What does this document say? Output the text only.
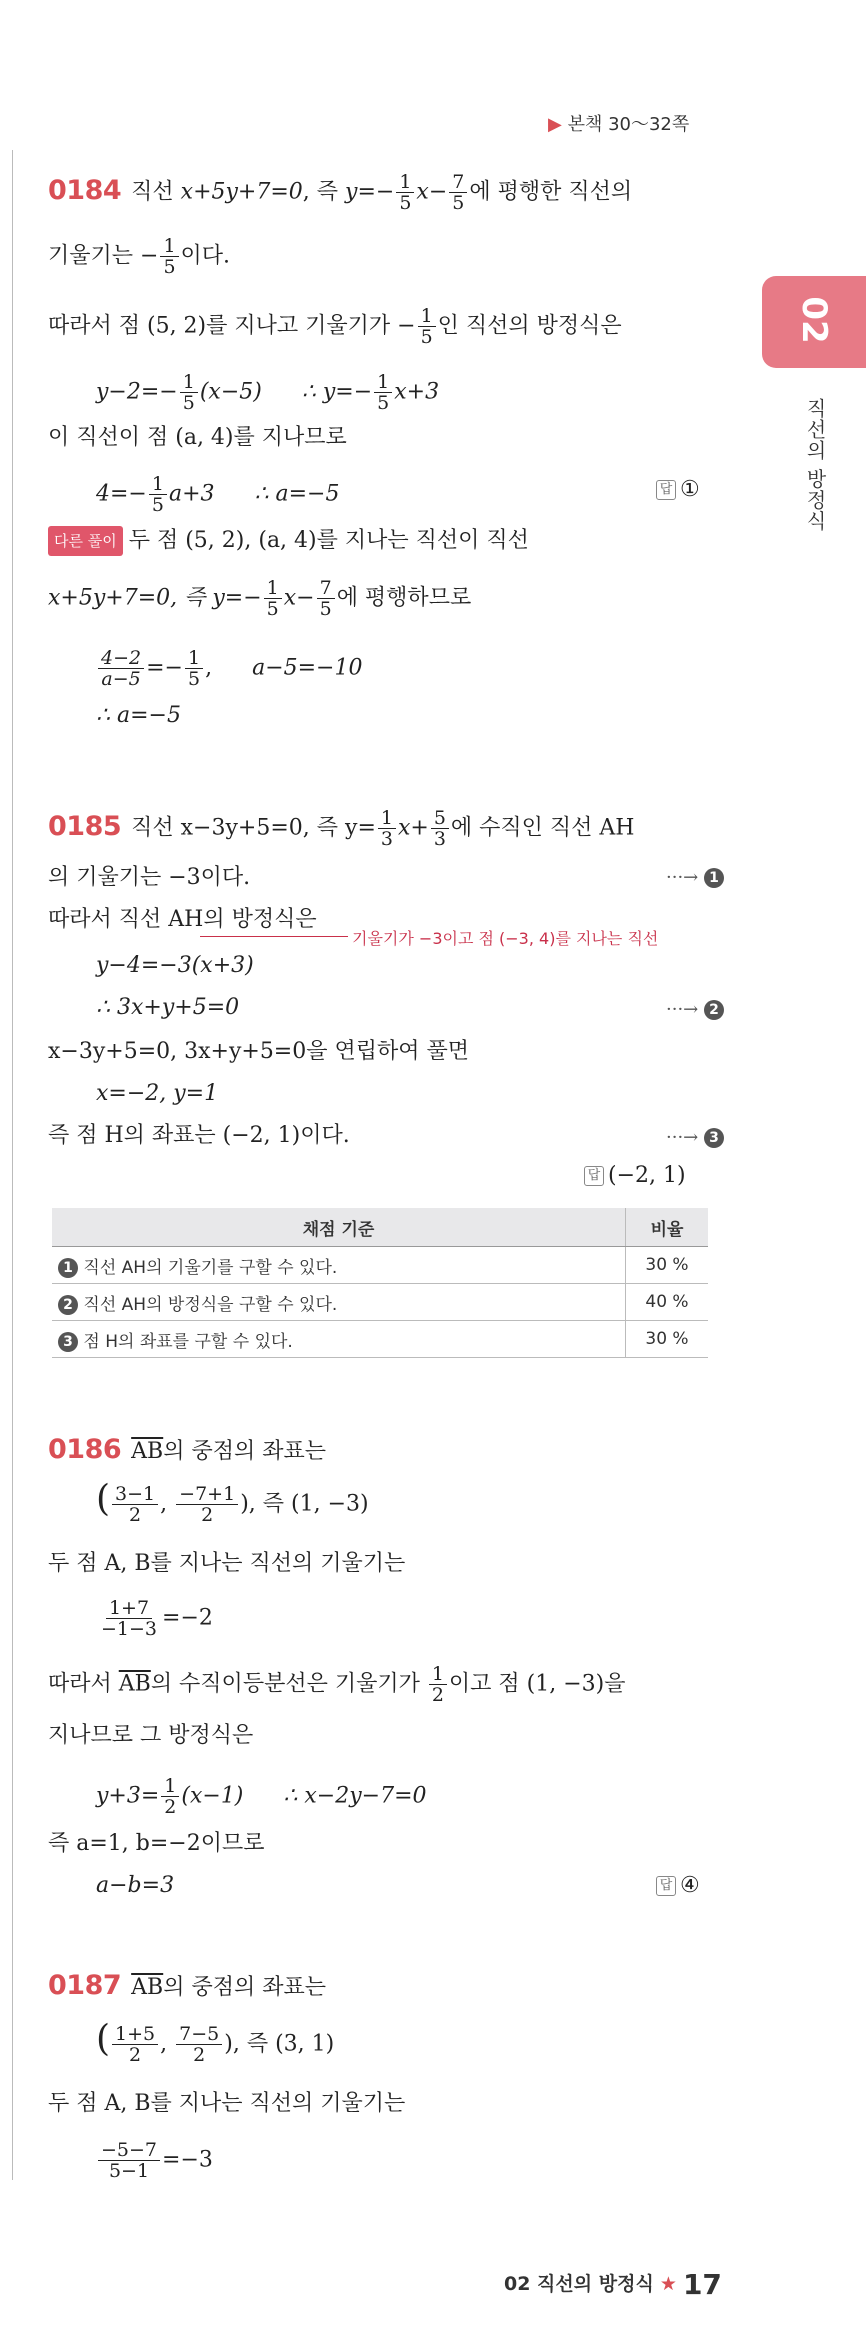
▶ 본책 30～32쪽
02
직선의 방정식
0184 직선 x+5y+7=0, 즉 $y=- \frac{1}{5} x- \frac{7}{5}$ 에 평행한 직선의
기울기는 − $\frac{1}{5}$ 이다.
따라서 점 (5, 2)를 지나고 기울기가 − $\frac{1}{5}$ 인 직선의 방정식은
$y-2=- \frac{1}{5} (x-5)$ ∴ $y=- \frac{1}{5} x+3$
이 직선이 점 (a, 4)를 지나므로
$4=- \frac{1}{5} a+3$ ∴ a=−5	답 ①
다른 풀이 두 점 (5, 2), (a, 4)를 지나는 직선이 직선
x+5y+7=0, 즉 $y=- \frac{1}{5} x- \frac{7}{5}$ 에 평행하므로
$\frac{4-2}{a-5} =- \frac{1}{5}$ , a−5=−10
∴ a=−5
0185 직선 x−3y+5=0, 즉 $y= \frac{1}{3} x+ \frac{5}{3}$ 에 수직인 직선 AH
의 기울기는 −3이다.	···→ 1
따라서 직선 AH의 방정식은
기울기가 −3이고 점 (−3, 4)를 지나는 직선
y−4=−3(x+3)
∴ 3x+y+5=0	···→ 2
x−3y+5=0, 3x+y+5=0을 연립하여 풀면
x=−2, y=1
즉 점 H의 좌표는 (−2, 1)이다.	···→ 3
답 (−2, 1)
채점 기준	비율
1 직선 AH의 기울기를 구할 수 있다.	30 %
2 직선 AH의 방정식을 구할 수 있다.	40 %
3 점 H의 좌표를 구할 수 있다.	30 %
0186 $\overline{AB}$의 중점의 좌표는
( $\frac{3-1}{2}$ , $\frac{-7+1}{2}$ ), 즉 (1, −3)
두 점 A, B를 지나는 직선의 기울기는
$\frac{1+7}{-1-3} =-2$
따라서 $\overline{AB}$의 수직이등분선은 기울기가 $\frac{1}{2}$ 이고 점 (1, −3)을
지나므로 그 방정식은
$y+3= \frac{1}{2} (x-1)$ ∴ x−2y−7=0
즉 a=1, b=−2이므로
a−b=3	답 ④
0187 $\overline{AB}$의 중점의 좌표는
( $\frac{1+5}{2}$ , $\frac{7-5}{2}$ ), 즉 (3, 1)
두 점 A, B를 지나는 직선의 기울기는
$\frac{-5-7}{5-1} =-3$
02 직선의 방정식 ★ 17
